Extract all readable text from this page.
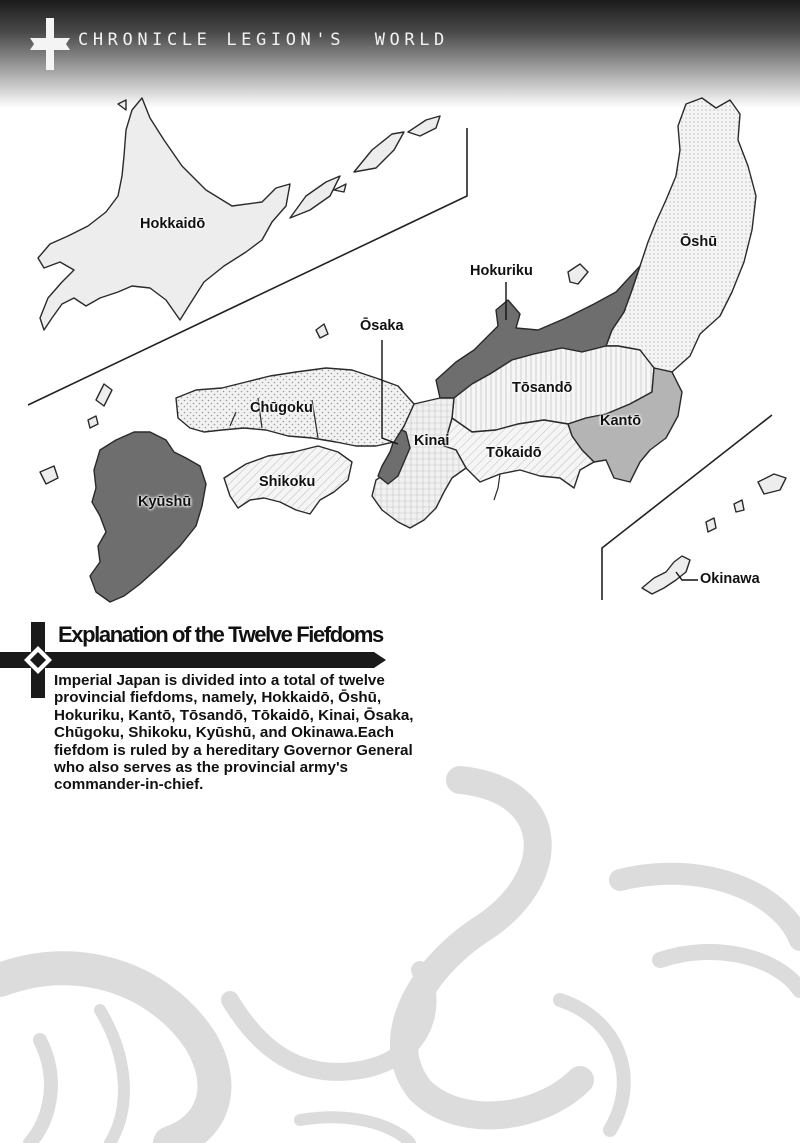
CHRONICLE LEGION'S  WORLD
Hokkaidō
Ōshū
Hokuriku
Ōsaka
Tōsandō
Chūgoku
Kantō
Kinai
Tōkaidō
Shikoku
Kyūshū
Okinawa
Explanation of the Twelve Fiefdoms

Imperial Japan is divided into a total of twelve provincial fiefdoms, namely, Hokkaidō, Ōshū, Hokuriku, Kantō, Tōsandō, Tōkaidō, Kinai, Ōsaka, Chūgoku, Shikoku, Kyūshū, and Okinawa.Each fiefdom is ruled by a hereditary Governor General who also serves as the provincial army's commander-in-chief.
